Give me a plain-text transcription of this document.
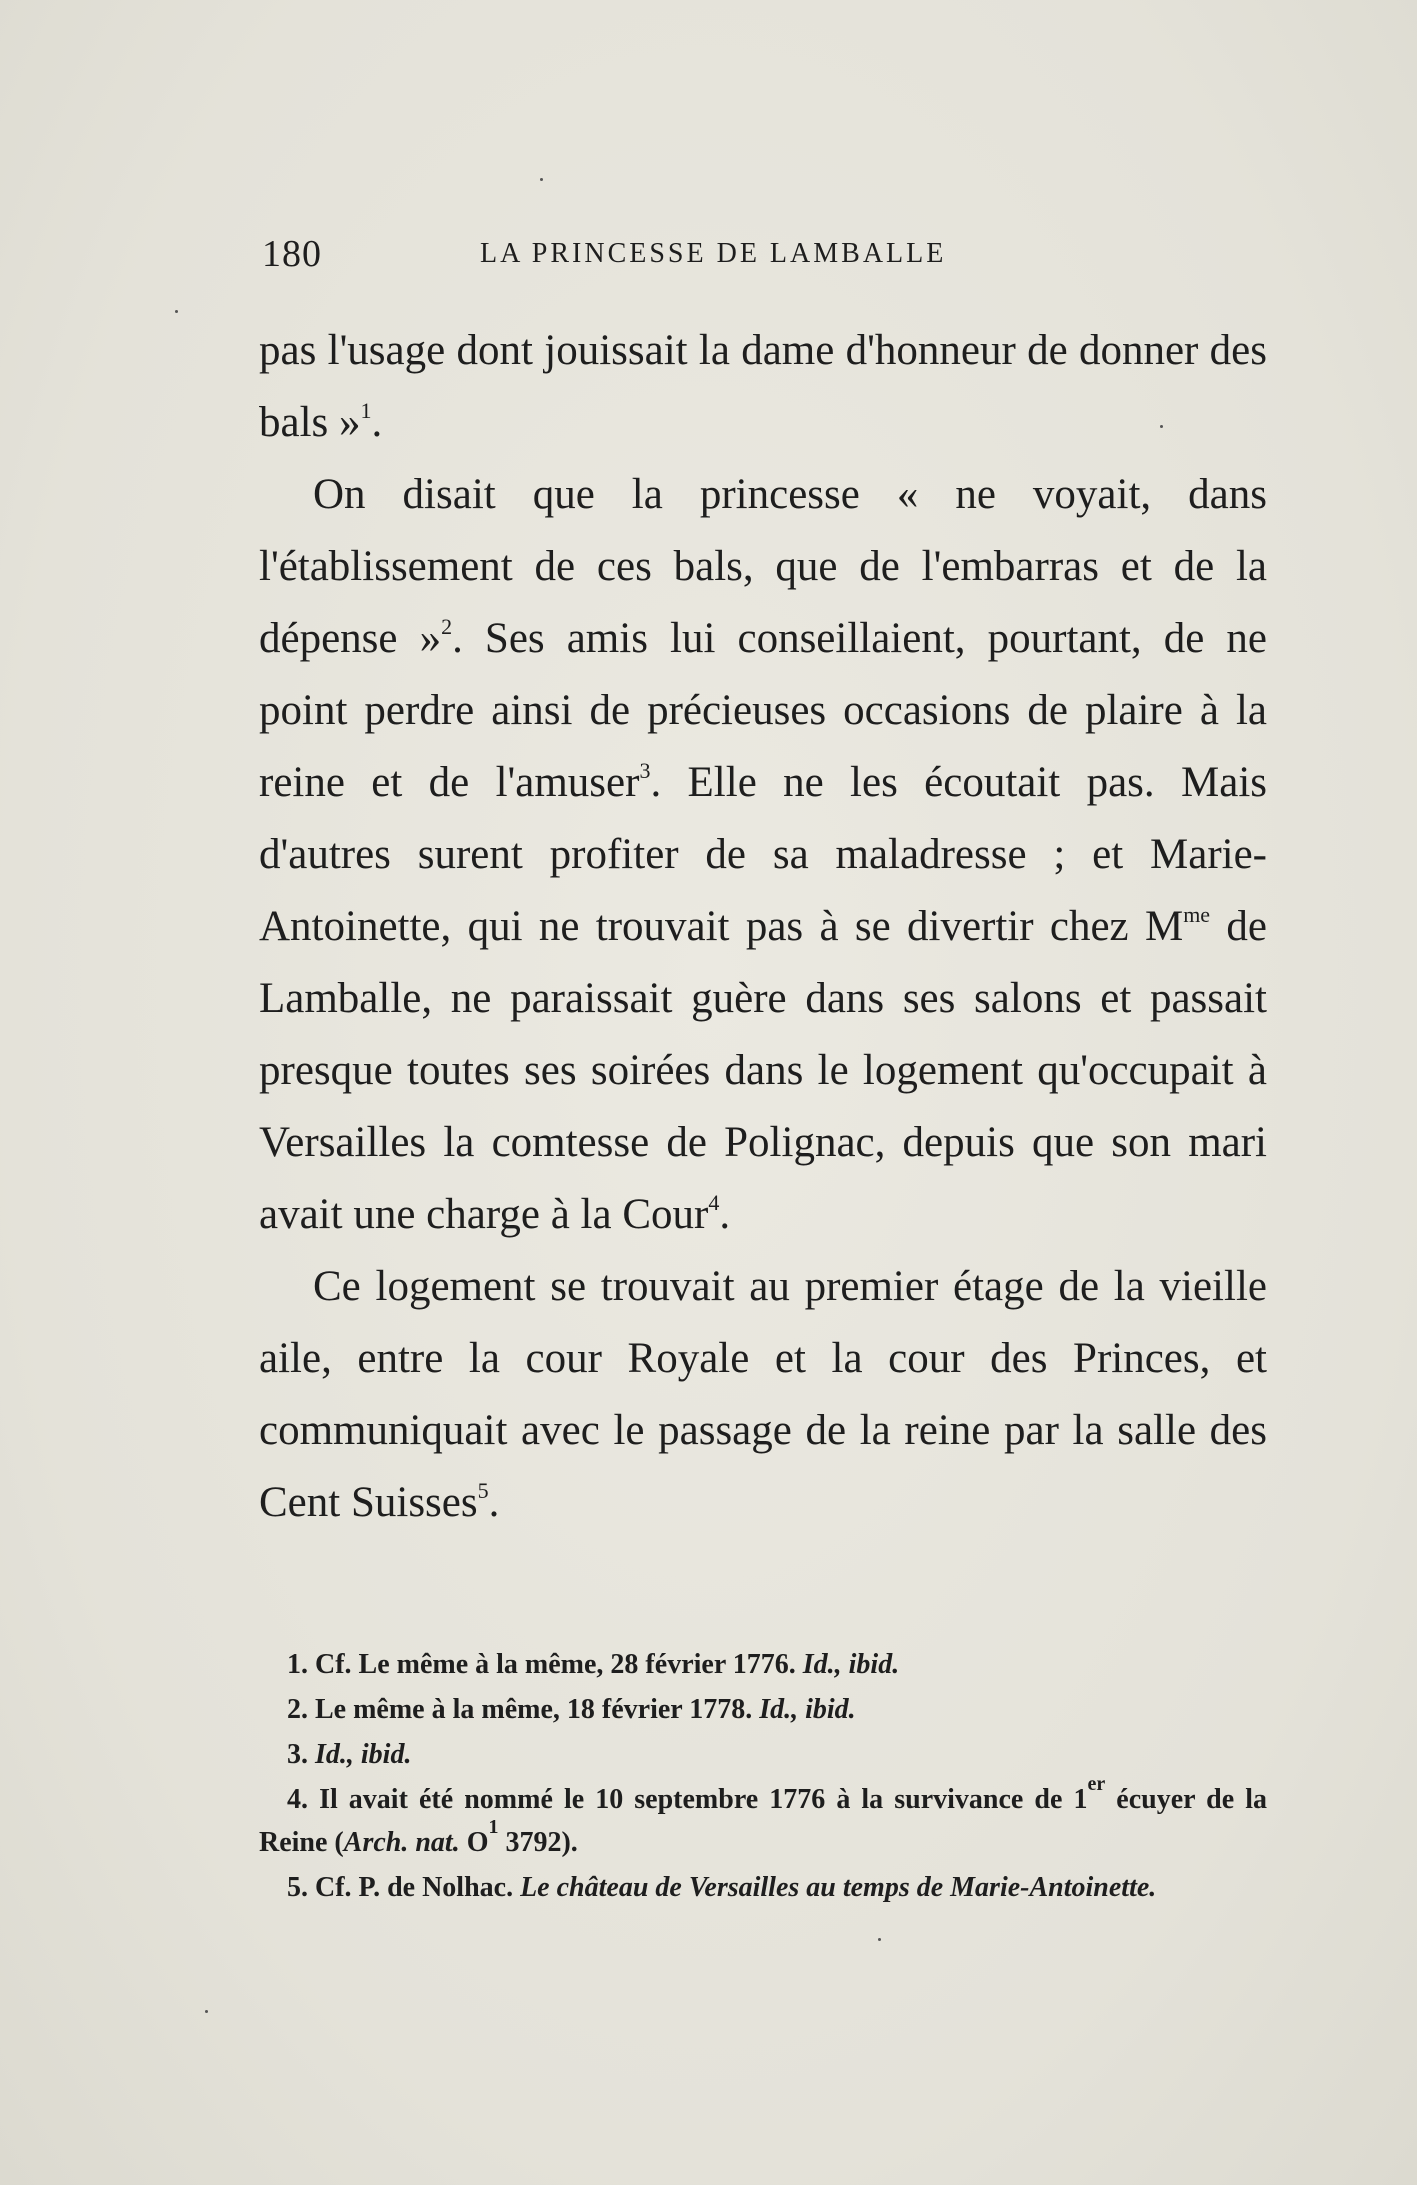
180	LA PRINCESSE DE LAMBALLE

pas l'usage dont jouissait la dame d'honneur de donner des bals »$^1$.

On disait que la princesse « ne voyait, dans l'établissement de ces bals, que de l'embarras et de la dépense »$^2$. Ses amis lui conseillaient, pourtant, de ne point perdre ainsi de précieuses occasions de plaire à la reine et de l'amuser$^3$. Elle ne les écoutait pas. Mais d'autres surent profiter de sa maladresse ; et Marie-Antoinette, qui ne trouvait pas à se divertir chez $M^{me}$ de Lamballe, ne paraissait guère dans ses salons et passait presque toutes ses soirées dans le logement qu'occupait à Versailles la comtesse de Polignac, depuis que son mari avait une charge à la Cour$^4$.

Ce logement se trouvait au premier étage de la vieille aile, entre la cour Royale et la cour des Princes, et communiquait avec le passage de la reine par la salle des Cent Suisses$^5$.

1. Cf. Le même à la même, 28 février 1776. Id., ibid.

2. Le même à la même, 18 février 1778. Id., ibid.

3. Id., ibid.

4. Il avait été nommé le 10 septembre 1776 à la survivance de 1er écuyer de la Reine (Arch. nat. O$^1$ 3792).

5. Cf. P. de Nolhac. Le château de Versailles au temps de Marie-Antoinette.
